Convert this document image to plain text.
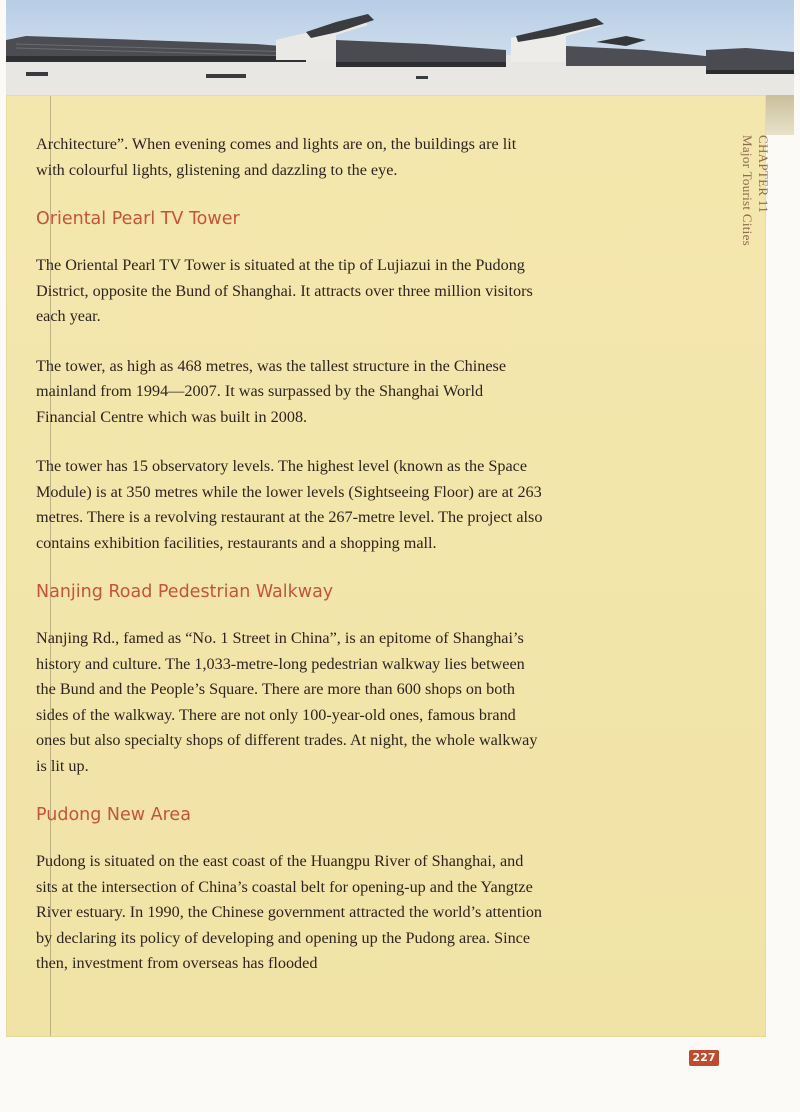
CHAPTER 11
Major Tourist Cities

Architecture”. When evening comes and lights are on, the buildings are lit with colourful lights, glistening and dazzling to the eye.

Oriental Pearl TV Tower

The Oriental Pearl TV Tower is situated at the tip of Lujiazui in the Pudong District, opposite the Bund of Shanghai. It attracts over three million visitors each year.

The tower, as high as 468 metres, was the tallest structure in the Chinese mainland from 1994—2007. It was surpassed by the Shanghai World Financial Centre which was built in 2008.

The tower has 15 observatory levels. The highest level (known as the Space Module) is at 350 metres while the lower levels (Sightseeing Floor) are at 263 metres. There is a revolving restaurant at the 267-metre level. The project also contains exhibition facilities, restaurants and a shopping mall.

Nanjing Road Pedestrian Walkway

Nanjing Rd., famed as “No. 1 Street in China”, is an epitome of Shanghai’s history and culture. The 1,033-metre-long pedestrian walkway lies between the Bund and the People’s Square. There are more than 600 shops on both sides of the walkway. There are not only 100-year-old ones, famous brand ones but also specialty shops of different trades. At night, the whole walkway is lit up.

Pudong New Area

Pudong is situated on the east coast of the Huangpu River of Shanghai, and sits at the intersection of China’s coastal belt for opening-up and the Yangtze River estuary. In 1990, the Chinese government attracted the world’s attention by declaring its policy of developing and opening up the Pudong area. Since then, investment from overseas has flooded

227
